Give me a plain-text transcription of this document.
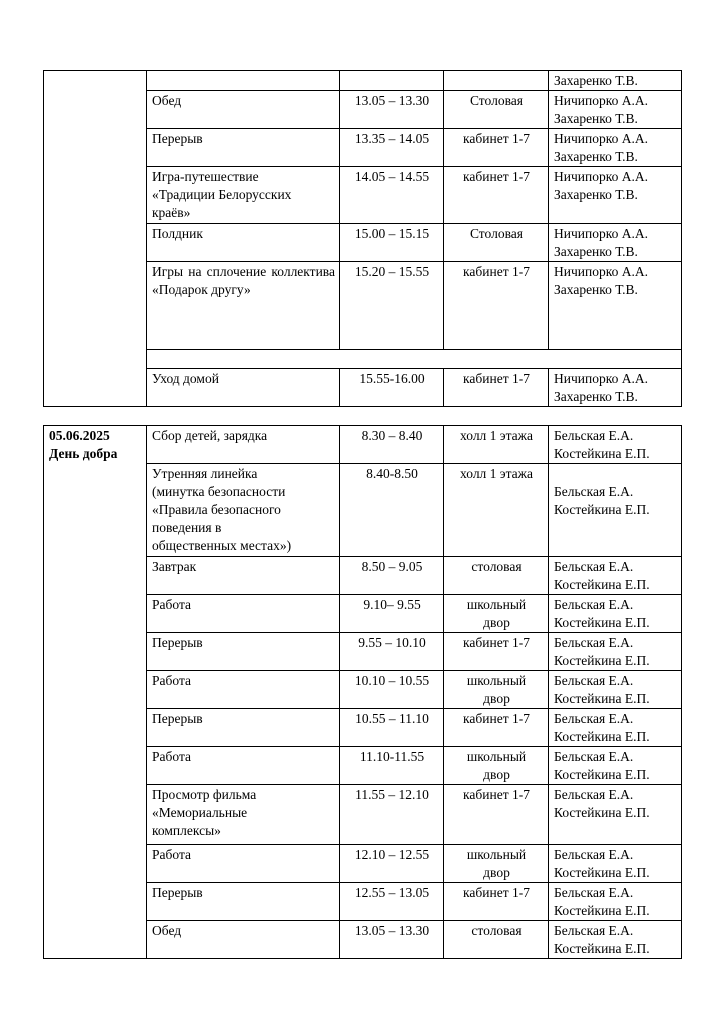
				Захаренко Т.В.

	Обед	13.05 – 13.30	Столовая	Ничипорко А.А.
Захаренко Т.В.

	Перерыв	13.35 – 14.05	кабинет 1-7	Ничипорко А.А.
Захаренко Т.В.

	Игра-путешествие
«Традиции Белорусских
краёв»	14.05 – 14.55	кабинет 1-7	Ничипорко А.А.
Захаренко Т.В.

	Полдник	15.00 – 15.15	Столовая	Ничипорко А.А.
Захаренко Т.В.

	Игры на сплочение коллектива «Подарок другу»	15.20 – 15.55	кабинет 1-7	Ничипорко А.А.
Захаренко Т.В.

	Уход домой	15.55-16.00	кабинет 1-7	Ничипорко А.А.
Захаренко Т.В.
05.06.2025
День добра	Сбор детей, зарядка	8.30 – 8.40	холл 1 этажа	Бельская Е.А.
Костейкина Е.П.

	Утренняя линейка
(минутка безопасности
«Правила безопасного
поведения в
общественных местах»)	8.40-8.50	холл 1 этажа	Бельская Е.А.
Костейкина Е.П.

	Завтрак	8.50 – 9.05	столовая	Бельская Е.А.
Костейкина Е.П.

	Работа	9.10– 9.55	школьный
двор	Бельская Е.А.
Костейкина Е.П.

	Перерыв	9.55 – 10.10	кабинет 1-7	Бельская Е.А.
Костейкина Е.П.

	Работа	10.10 – 10.55	школьный
двор	Бельская Е.А.
Костейкина Е.П.

	Перерыв	10.55 – 11.10	кабинет 1-7	Бельская Е.А.
Костейкина Е.П.

	Работа	11.10-11.55	школьный
двор	Бельская Е.А.
Костейкина Е.П.

	Просмотр фильма
«Мемориальные
комплексы»	11.55 – 12.10	кабинет 1-7	Бельская Е.А.
Костейкина Е.П.

	Работа	12.10 – 12.55	школьный
двор	Бельская Е.А.
Костейкина Е.П.

	Перерыв	12.55 – 13.05	кабинет 1-7	Бельская Е.А.
Костейкина Е.П.

	Обед	13.05 – 13.30	столовая	Бельская Е.А.
Костейкина Е.П.
